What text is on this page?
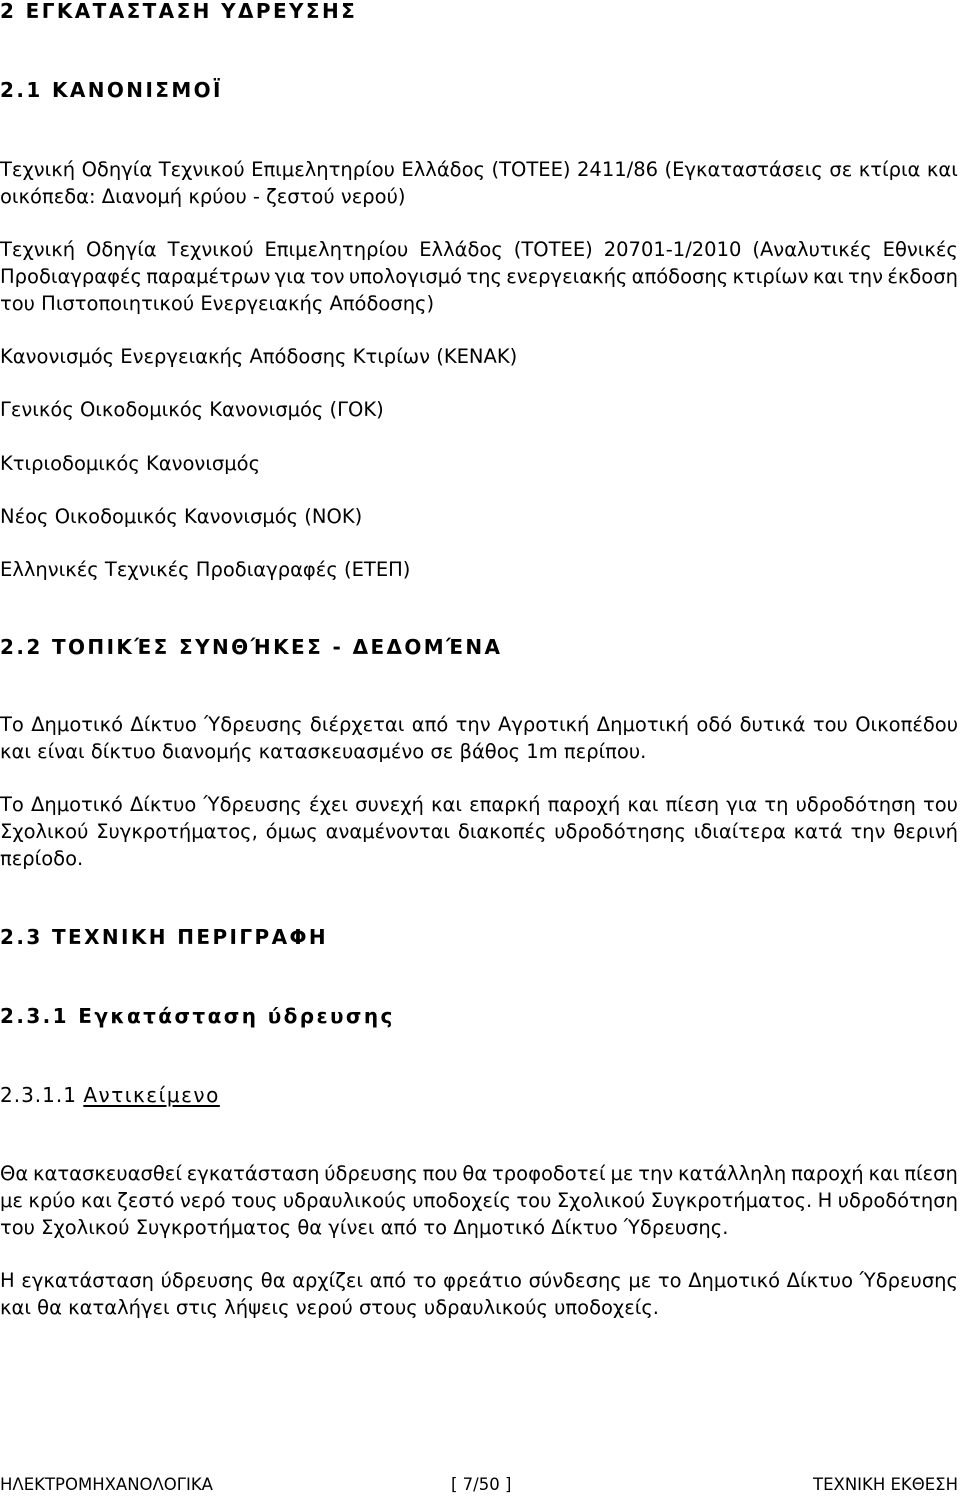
2 ΕΓΚΑΤΑΣΤΑΣΗ ΥΔΡΕΥΣΗΣ
2.1 ΚΑΝΟΝΙΣΜΟΪ
Τεχνική Οδηγία Τεχνικού Επιμελητηρίου Ελλάδος (ΤΟΤΕΕ) 2411/86 (Εγκαταστάσεις σε κτίρια και
οικόπεδα: Διανομή κρύου - ζεστού νερού)
Τεχνική Οδηγία Τεχνικού Επιμελητηρίου Ελλάδος (ΤΟΤΕΕ) 20701-1/2010 (Αναλυτικές Εθνικές
Προδιαγραφές παραμέτρων για τον υπολογισμό της ενεργειακής απόδοσης κτιρίων και την έκδοση
του Πιστοποιητικού Ενεργειακής Απόδοσης)
Κανονισμός Ενεργειακής Απόδοσης Κτιρίων (ΚΕΝΑΚ)
Γενικός Οικοδομικός Κανονισμός (ΓΟΚ)
Κτιριοδομικός Κανονισμός
Νέος Οικοδομικός Κανονισμός (ΝΟΚ)
Ελληνικές Τεχνικές Προδιαγραφές (ΕΤΕΠ)
2.2 ΤΟΠΙΚΈΣ ΣΥΝΘΉΚΕΣ - ΔΕΔΟΜΈΝΑ
Το Δημοτικό Δίκτυο Ύδρευσης διέρχεται από την Αγροτική Δημοτική οδό δυτικά του Οικοπέδου
και είναι δίκτυο διανομής κατασκευασμένο σε βάθος 1m περίπου.
Το Δημοτικό Δίκτυο Ύδρευσης έχει συνεχή και επαρκή παροχή και πίεση για τη υδροδότηση του
Σχολικού Συγκροτήματος, όμως αναμένονται διακοπές υδροδότησης ιδιαίτερα κατά την θερινή
περίοδο.
2.3 ΤΕΧΝΙΚΗ ΠΕΡΙΓΡΑΦΗ
2.3.1 Εγκατάσταση ύδρευσης
2.3.1.1 Αντικείμενο
Θα κατασκευασθεί εγκατάσταση ύδρευσης που θα τροφοδοτεί με την κατάλληλη παροχή και πίεση
με κρύο και ζεστό νερό τους υδραυλικούς υποδοχείς του Σχολικού Συγκροτήματος. Η υδροδότηση
του Σχολικού Συγκροτήματος θα γίνει από το Δημοτικό Δίκτυο Ύδρευσης.
Η εγκατάσταση ύδρευσης θα αρχίζει από το φρεάτιο σύνδεσης με το Δημοτικό Δίκτυο Ύδρευσης
και θα καταλήγει στις λήψεις νερού στους υδραυλικούς υποδοχείς.
ΗΛΕΚΤΡΟΜΗΧΑΝΟΛΟΓΙΚΑ	[ 7/50 ]	ΤΕΧΝΙΚΗ ΕΚΘΕΣΗ
